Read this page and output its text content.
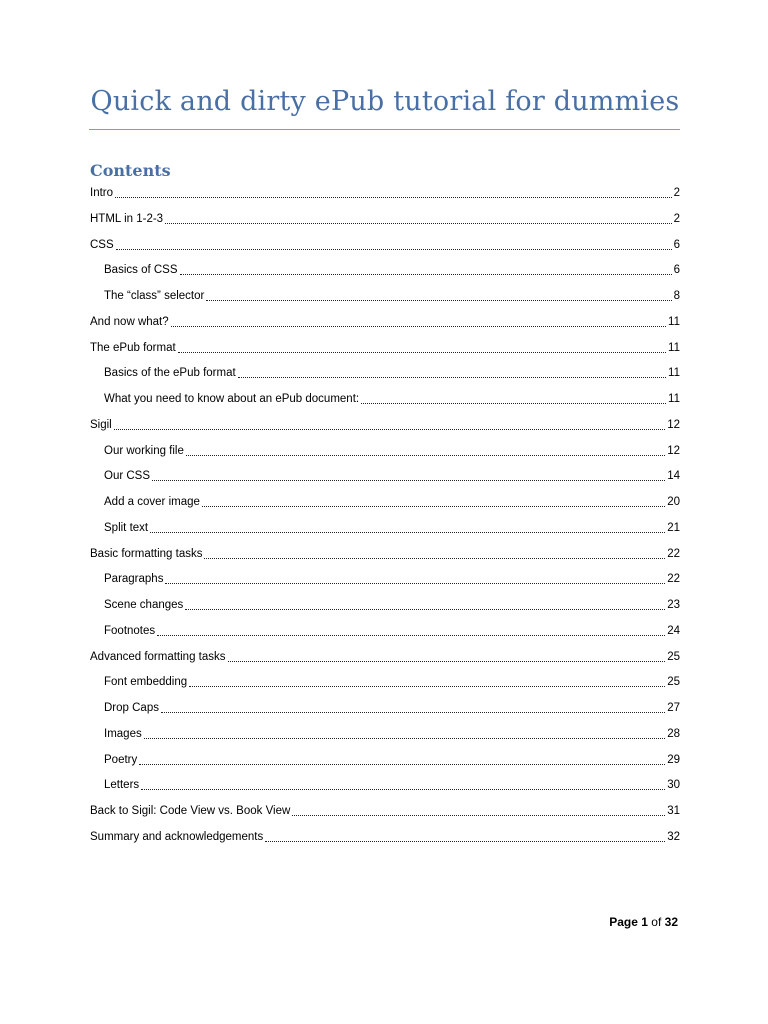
Quick and dirty ePub tutorial for dummies
Contents
Intro	2
HTML in 1-2-3	2
CSS	6
Basics of CSS	6
The “class” selector	8
And now what?	11
The ePub format	11
Basics of the ePub format	11
What you need to know about an ePub document:	11
Sigil	12
Our working file	12
Our CSS	14
Add a cover image	20
Split text	21
Basic formatting tasks	22
Paragraphs	22
Scene changes	23
Footnotes	24
Advanced formatting tasks	25
Font embedding	25
Drop Caps	27
Images	28
Poetry	29
Letters	30
Back to Sigil: Code View vs. Book View	31
Summary and acknowledgements	32
Page 1 of 32
